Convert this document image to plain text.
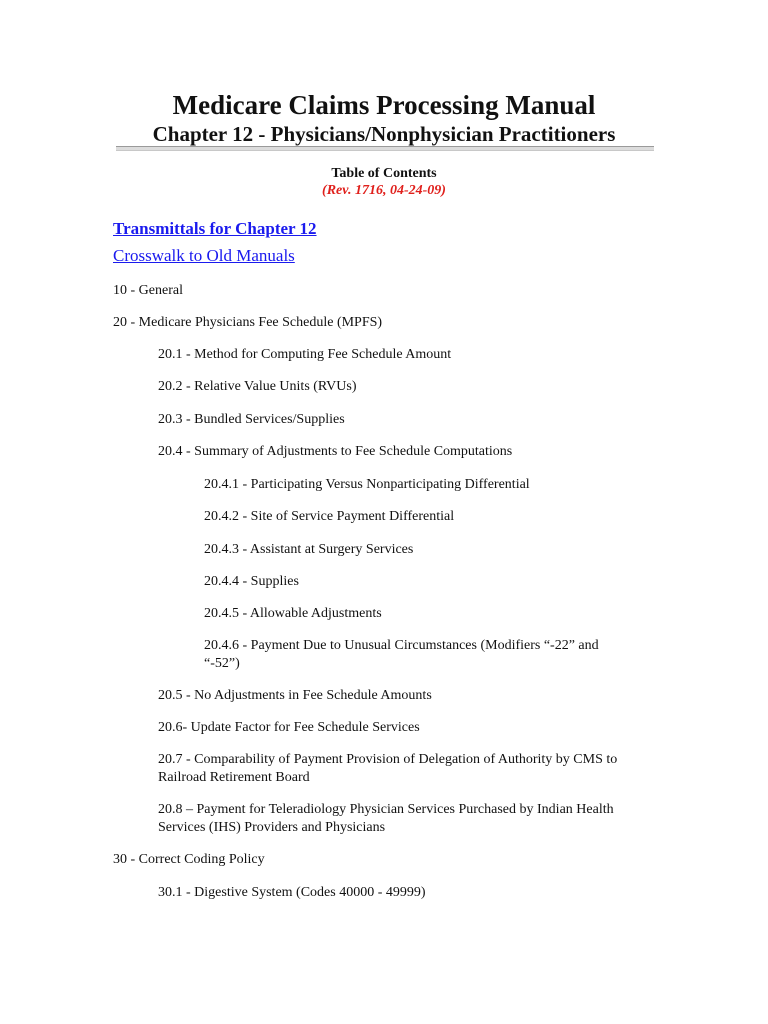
Medicare Claims Processing Manual
Chapter 12 - Physicians/Nonphysician Practitioners
Table of Contents
(Rev. 1716, 04-24-09)
Transmittals for Chapter 12
Crosswalk to Old Manuals
10 - General
20 - Medicare Physicians Fee Schedule (MPFS)
20.1 - Method for Computing Fee Schedule Amount
20.2 - Relative Value Units (RVUs)
20.3 - Bundled Services/Supplies
20.4 - Summary of Adjustments to Fee Schedule Computations
20.4.1 - Participating Versus Nonparticipating Differential
20.4.2 - Site of Service Payment Differential
20.4.3 - Assistant at Surgery Services
20.4.4 - Supplies
20.4.5 - Allowable Adjustments
20.4.6 - Payment Due to Unusual Circumstances (Modifiers “-22” and “-52”)
20.5 - No Adjustments in Fee Schedule Amounts
20.6- Update Factor for Fee Schedule Services
20.7 - Comparability of Payment Provision of Delegation of Authority by CMS to Railroad Retirement Board
20.8 – Payment for Teleradiology Physician Services Purchased by Indian Health Services (IHS) Providers and Physicians
30 - Correct Coding Policy
30.1 - Digestive System (Codes 40000 - 49999)
